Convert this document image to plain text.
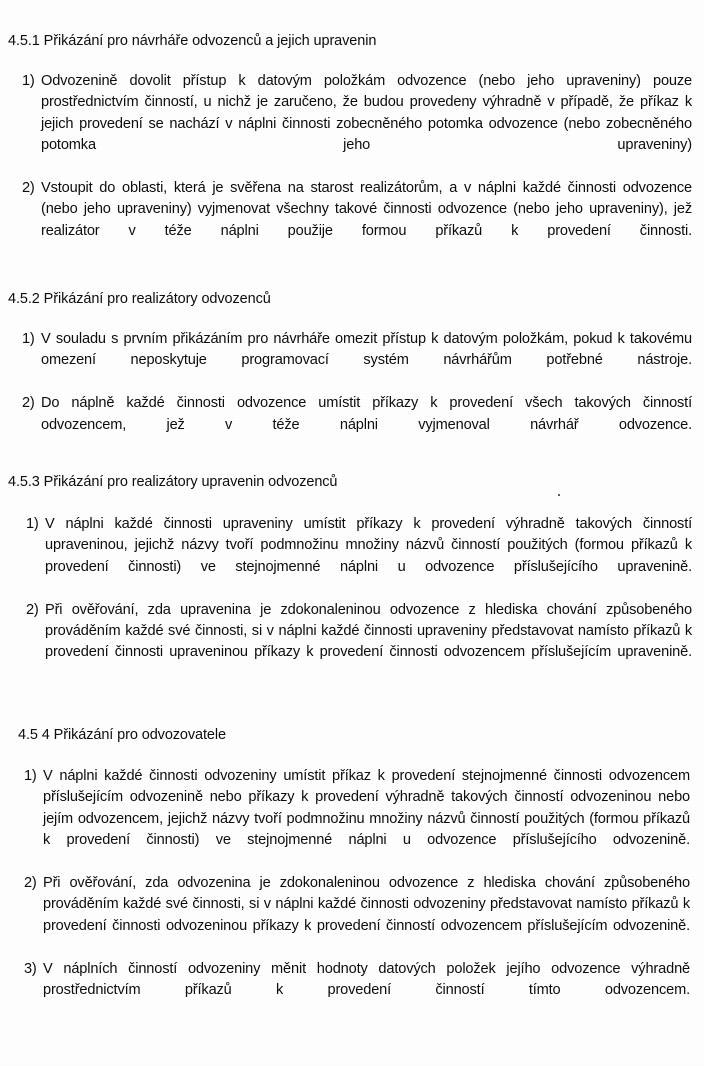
4.5.1 Přikázání pro návrháře odvozenců a jejich upravenin
1) Odvozenině dovolit přístup k datovým položkám odvozence (nebo jeho upraveniny) pouze prostřednictvím činností, u nichž je zaručeno, že budou provedeny výhradně v případě, že příkaz k jejich provedení se nachází v náplni činnosti zobecněného potomka odvozence (nebo zobecněného potomka jeho upraveniny)
2) Vstoupit do oblasti, která je svěřena na starost realizátorům, a v náplni každé činnosti odvozence (nebo jeho upraveniny) vyjmenovat všechny takové činnosti odvozence (nebo jeho upraveniny), jež realizátor v téže náplni použije formou příkazů k provedení činnosti.
4.5.2 Přikázání pro realizátory odvozenců
1) V souladu s prvním přikázáním pro návrháře omezit přístup k datovým položkám, pokud k takovému omezení neposkytuje programovací systém návrhářům potřebné nástroje.
2) Do náplně každé činnosti odvozence umístit příkazy k provedení všech takových činností odvozencem, jež v téže náplni vyjmenoval návrhář odvozence.
4.5.3 Přikázání pro realizátory upravenin odvozenců
1) V náplni každé činnosti upraveniny umístit příkazy k provedení výhradně takových činností upraveninou, jejichž názvy tvoří podmnožinu množiny názvů činností použitých (formou příkazů k provedení činnosti) ve stejnojmenné náplni u odvozence příslušejícího upravenině.
2) Při ověřování, zda upravenina je zdokonaleninou odvozence z hlediska chování způsobeného prováděním každé své činnosti, si v náplni každé činnosti upraveniny představovat namísto příkazů k provedení činnosti upraveninou příkazy k provedení činnosti odvozencem příslušejícím upravenině.
4.5 4 Přikázání pro odvozovatele
1) V náplni každé činnosti odvozeniny umístit příkaz k provedení stejnojmenné činnosti odvozencem příslušejícím odvozenině nebo příkazy k provedení výhradně takových činností odvozeninou nebo jejím odvozencem, jejichž názvy tvoří podmnožinu množiny názvů činností použitých (formou příkazů k provedení činnosti) ve stejnojmenné náplni u odvozence příslušejícího odvozenině.
2) Při ověřování, zda odvozenina je zdokonaleninou odvozence z hlediska chování způsobeného prováděním každé své činnosti, si v náplni každé činnosti odvozeniny představovat namísto příkazů k provedení činnosti odvozeninou příkazy k provedení činností odvozencem příslušejícím odvozenině.
3) V náplních činností odvozeniny měnit hodnoty datových položek jejího odvozence výhradně prostřednictvím příkazů k provedení činností tímto odvozencem.
